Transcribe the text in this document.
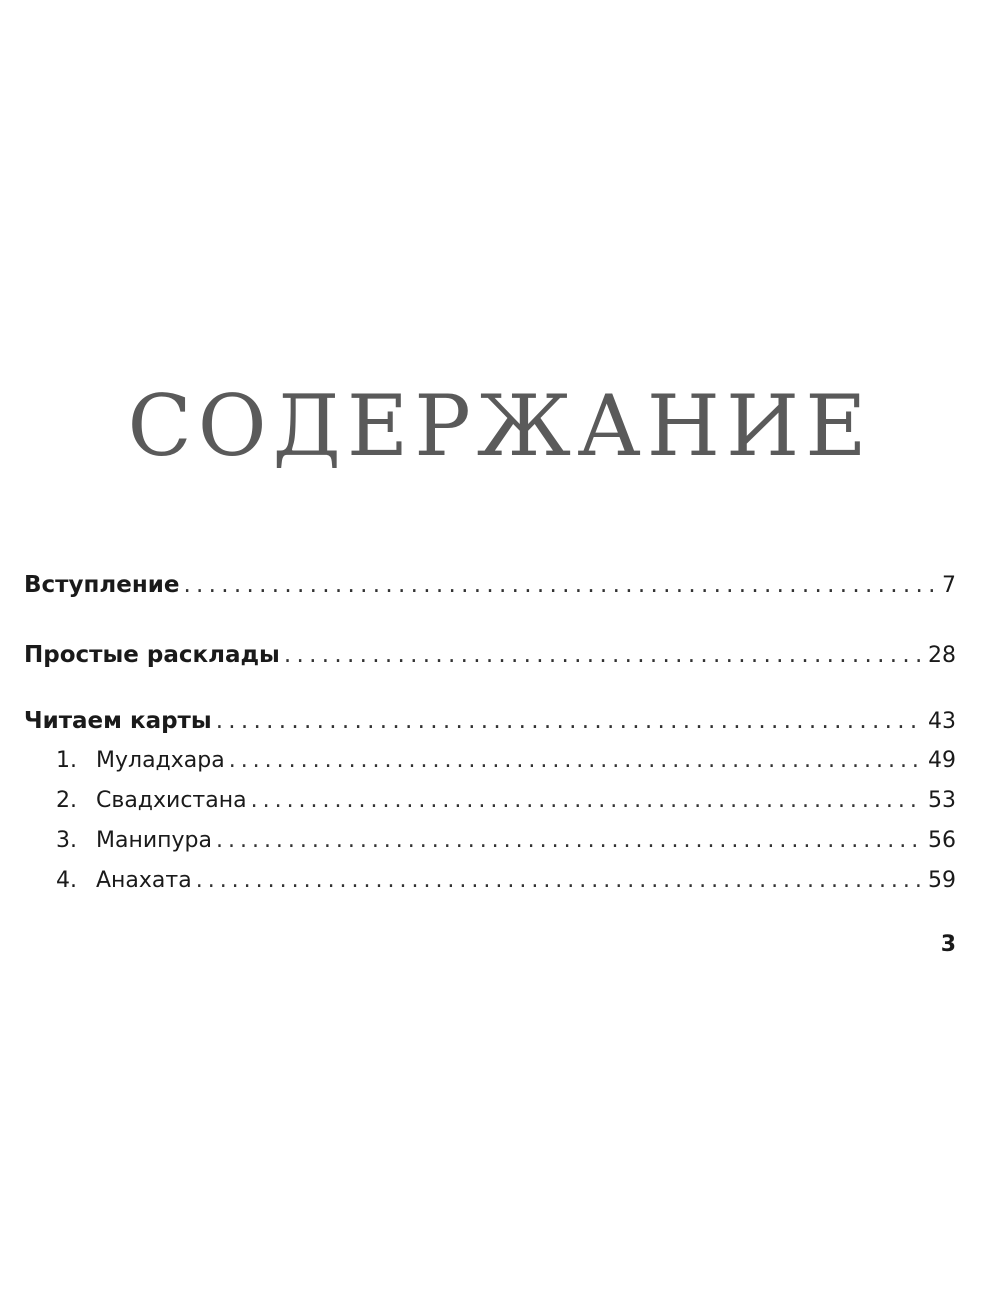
СОДЕРЖАНИЕ
Вступление . . .	7
Простые расклады . . .	28
Читаем карты . . .	43
1. Муладхара . . .	49
2. Свадхистана . . .	53
3. Манипура . . .	56
4. Анахата . . .	59
3
